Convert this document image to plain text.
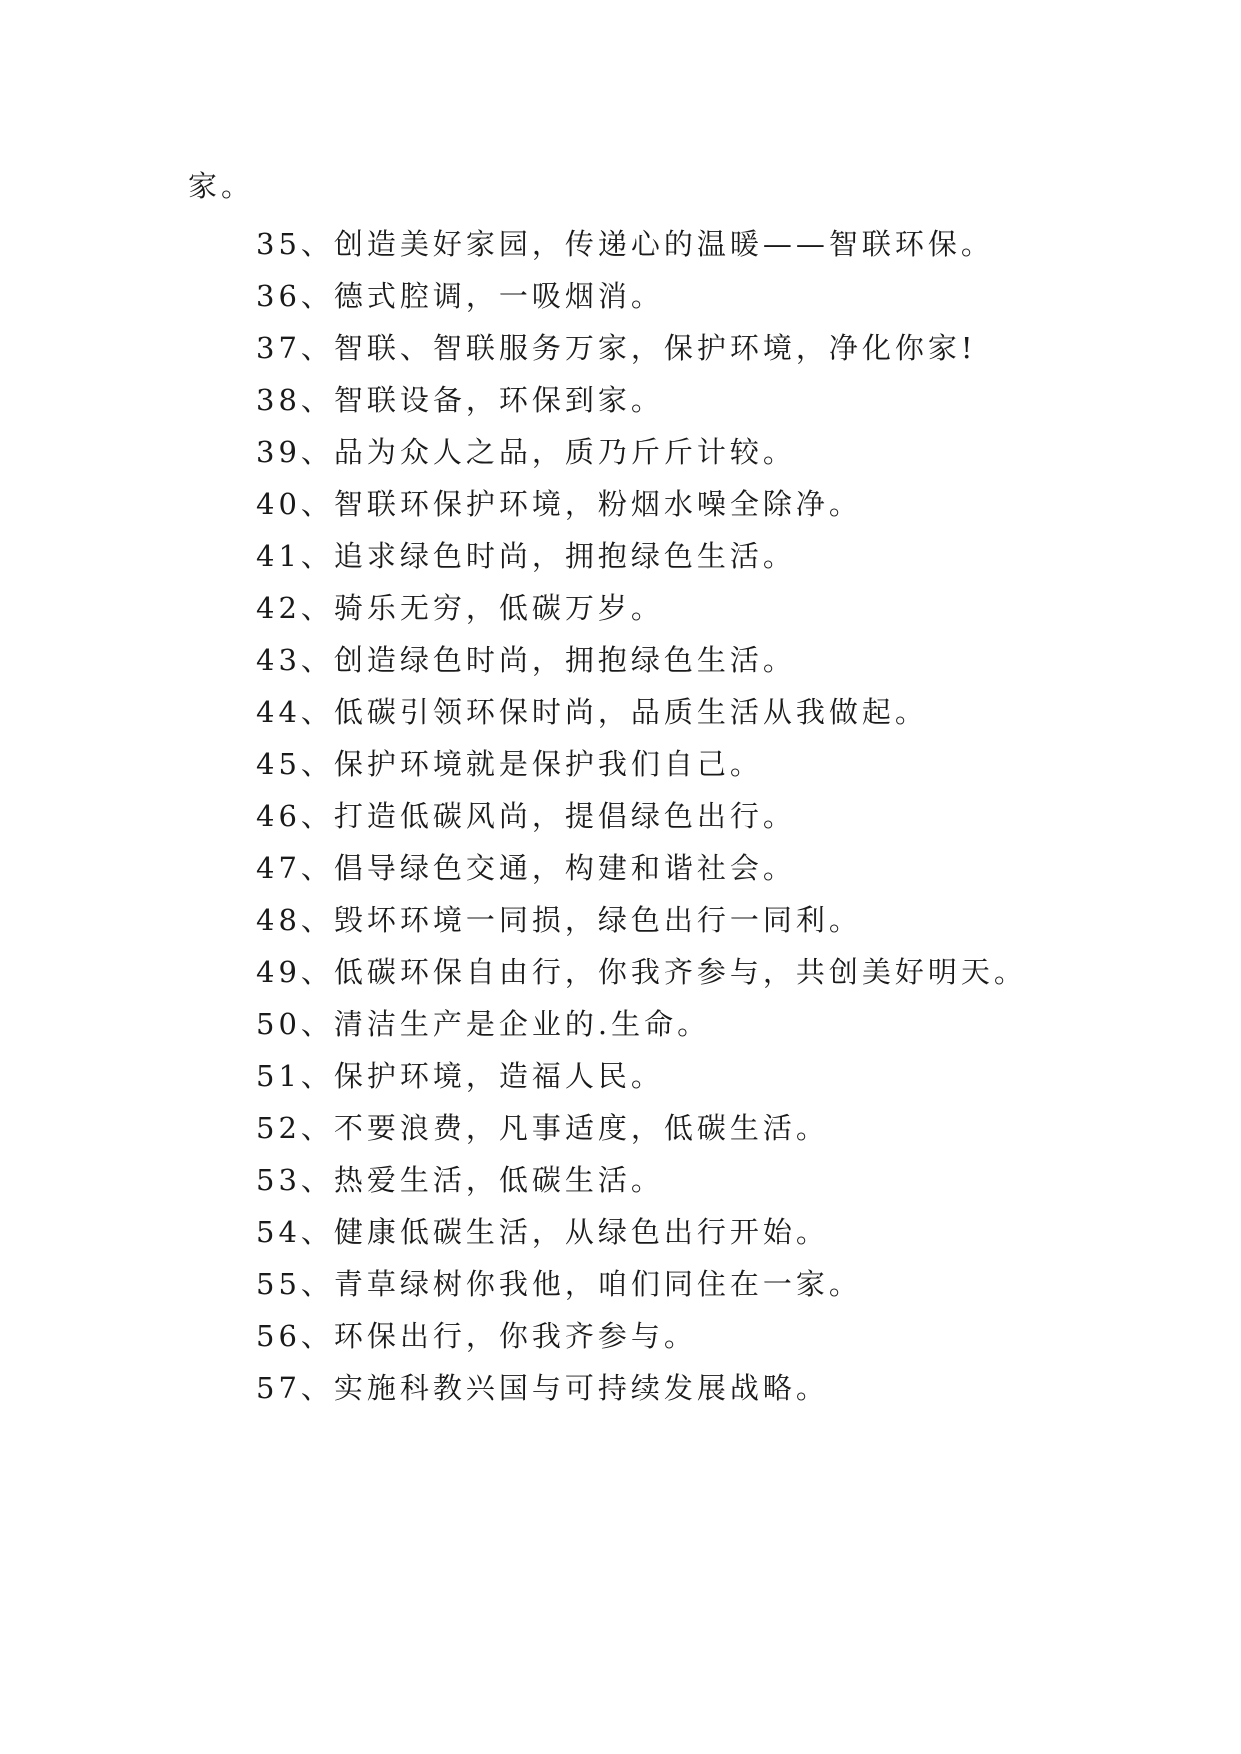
家。
35、创造美好家园，传递心的温暖——智联环保。
36、德式腔调，一吸烟消。
37、智联、智联服务万家，保护环境，净化你家!
38、智联设备，环保到家。
39、品为众人之品，质乃斤斤计较。
40、智联环保护环境，粉烟水噪全除净。
41、追求绿色时尚，拥抱绿色生活。
42、骑乐无穷，低碳万岁。
43、创造绿色时尚，拥抱绿色生活。
44、低碳引领环保时尚，品质生活从我做起。
45、保护环境就是保护我们自己。
46、打造低碳风尚，提倡绿色出行。
47、倡导绿色交通，构建和谐社会。
48、毁坏环境一同损，绿色出行一同利。
49、低碳环保自由行，你我齐参与，共创美好明天。
50、清洁生产是企业的.生命。
51、保护环境，造福人民。
52、不要浪费，凡事适度，低碳生活。
53、热爱生活，低碳生活。
54、健康低碳生活，从绿色出行开始。
55、青草绿树你我他，咱们同住在一家。
56、环保出行，你我齐参与。
57、实施科教兴国与可持续发展战略。
